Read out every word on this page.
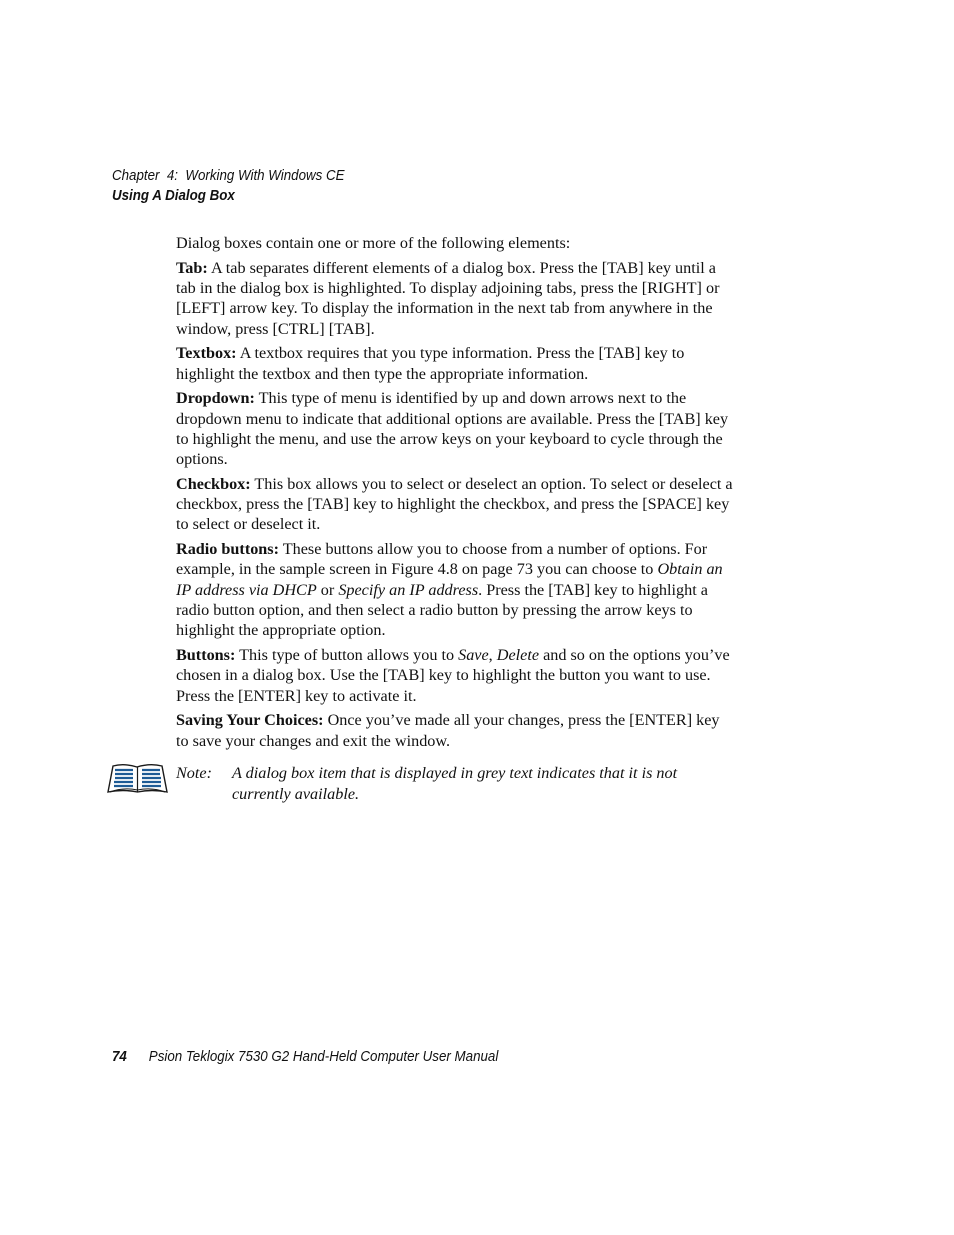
Chapter  4:  Working With Windows CE
Using A Dialog Box

Dialog boxes contain one or more of the following elements:

Tab: A tab separates different elements of a dialog box. Press the [TAB] key until a tab in the dialog box is highlighted. To display adjoining tabs, press the [RIGHT] or [LEFT] arrow key. To display the information in the next tab from anywhere in the window, press [CTRL] [TAB].

Textbox: A textbox requires that you type information. Press the [TAB] key to highlight the textbox and then type the appropriate information.

Dropdown: This type of menu is identified by up and down arrows next to the dropdown menu to indicate that additional options are available. Press the [TAB] key to highlight the menu, and use the arrow keys on your keyboard to cycle through the options.

Checkbox: This box allows you to select or deselect an option. To select or deselect a checkbox, press the [TAB] key to highlight the checkbox, and press the [SPACE] key to select or deselect it.

Radio buttons: These buttons allow you to choose from a number of options. For example, in the sample screen in Figure 4.8 on page 73 you can choose to Obtain an IP address via DHCP or Specify an IP address. Press the [TAB] key to highlight a radio button option, and then select a radio button by pressing the arrow keys to highlight the appropriate option.

Buttons: This type of button allows you to Save, Delete and so on the options you’ve chosen in a dialog box. Use the [TAB] key to highlight the button you want to use. Press the [ENTER] key to activate it.

Saving Your Choices: Once you’ve made all your changes, press the [ENTER] key to save your changes and exit the window.

Note: A dialog box item that is displayed in grey text indicates that it is not currently available.
74 Psion Teklogix 7530 G2 Hand-Held Computer User Manual
